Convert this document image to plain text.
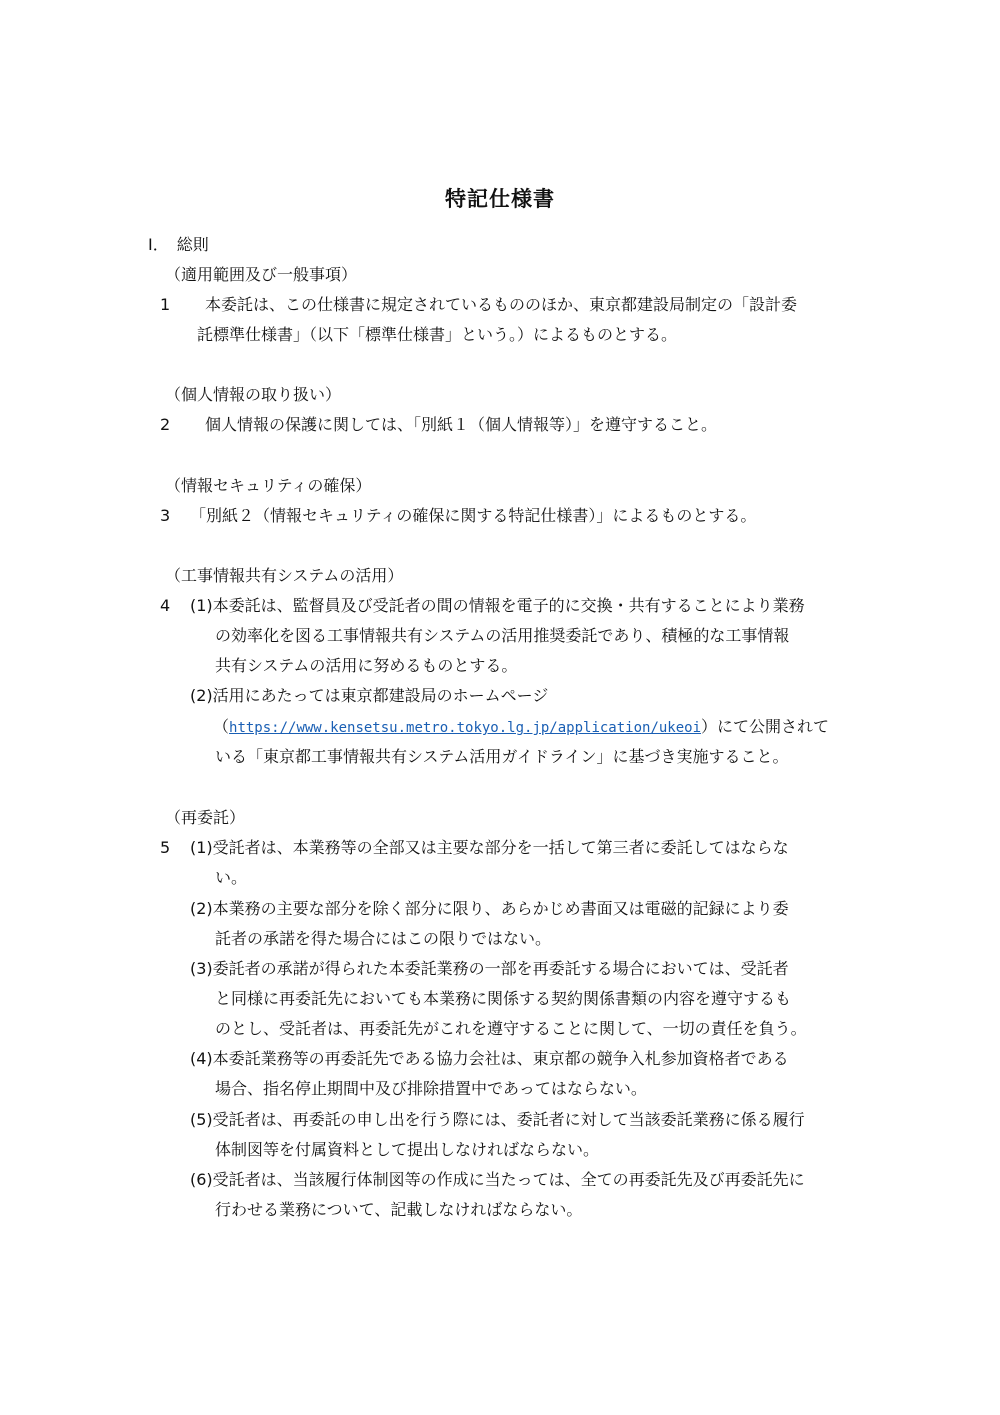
特記仕様書
Ⅰ．　総則
（適用範囲及び一般事項）
1 本委託は、この仕様書に規定されているもののほか、東京都建設局制定の「設計委
託標準仕様書」（以下「標準仕様書」という。）によるものとする。
（個人情報の取り扱い）
2 個人情報の保護に関しては、「別紙１（個人情報等）」を遵守すること。
（情報セキュリティの確保）
3 「別紙２（情報セキュリティの確保に関する特記仕様書）」によるものとする。
（工事情報共有システムの活用）
4 (1)本委託は、監督員及び受託者の間の情報を電子的に交換・共有することにより業務
の効率化を図る工事情報共有システムの活用推奨委託であり、積極的な工事情報
共有システムの活用に努めるものとする。
(2)活用にあたっては東京都建設局のホームページ
（https://www.kensetsu.metro.tokyo.lg.jp/application/ukeoi）にて公開されて
いる「東京都工事情報共有システム活用ガイドライン」に基づき実施すること。
（再委託）
5 (1)受託者は、本業務等の全部又は主要な部分を一括して第三者に委託してはならな
い。
(2)本業務の主要な部分を除く部分に限り、あらかじめ書面又は電磁的記録により委
託者の承諾を得た場合にはこの限りではない。
(3)委託者の承諾が得られた本委託業務の一部を再委託する場合においては、受託者
と同様に再委託先においても本業務に関係する契約関係書類の内容を遵守するも
のとし、受託者は、再委託先がこれを遵守することに関して、一切の責任を負う。
(4)本委託業務等の再委託先である協力会社は、東京都の競争入札参加資格者である
場合、指名停止期間中及び排除措置中であってはならない。
(5)受託者は、再委託の申し出を行う際には、委託者に対して当該委託業務に係る履行
体制図等を付属資料として提出しなければならない。
(6)受託者は、当該履行体制図等の作成に当たっては、全ての再委託先及び再委託先に
行わせる業務について、記載しなければならない。
